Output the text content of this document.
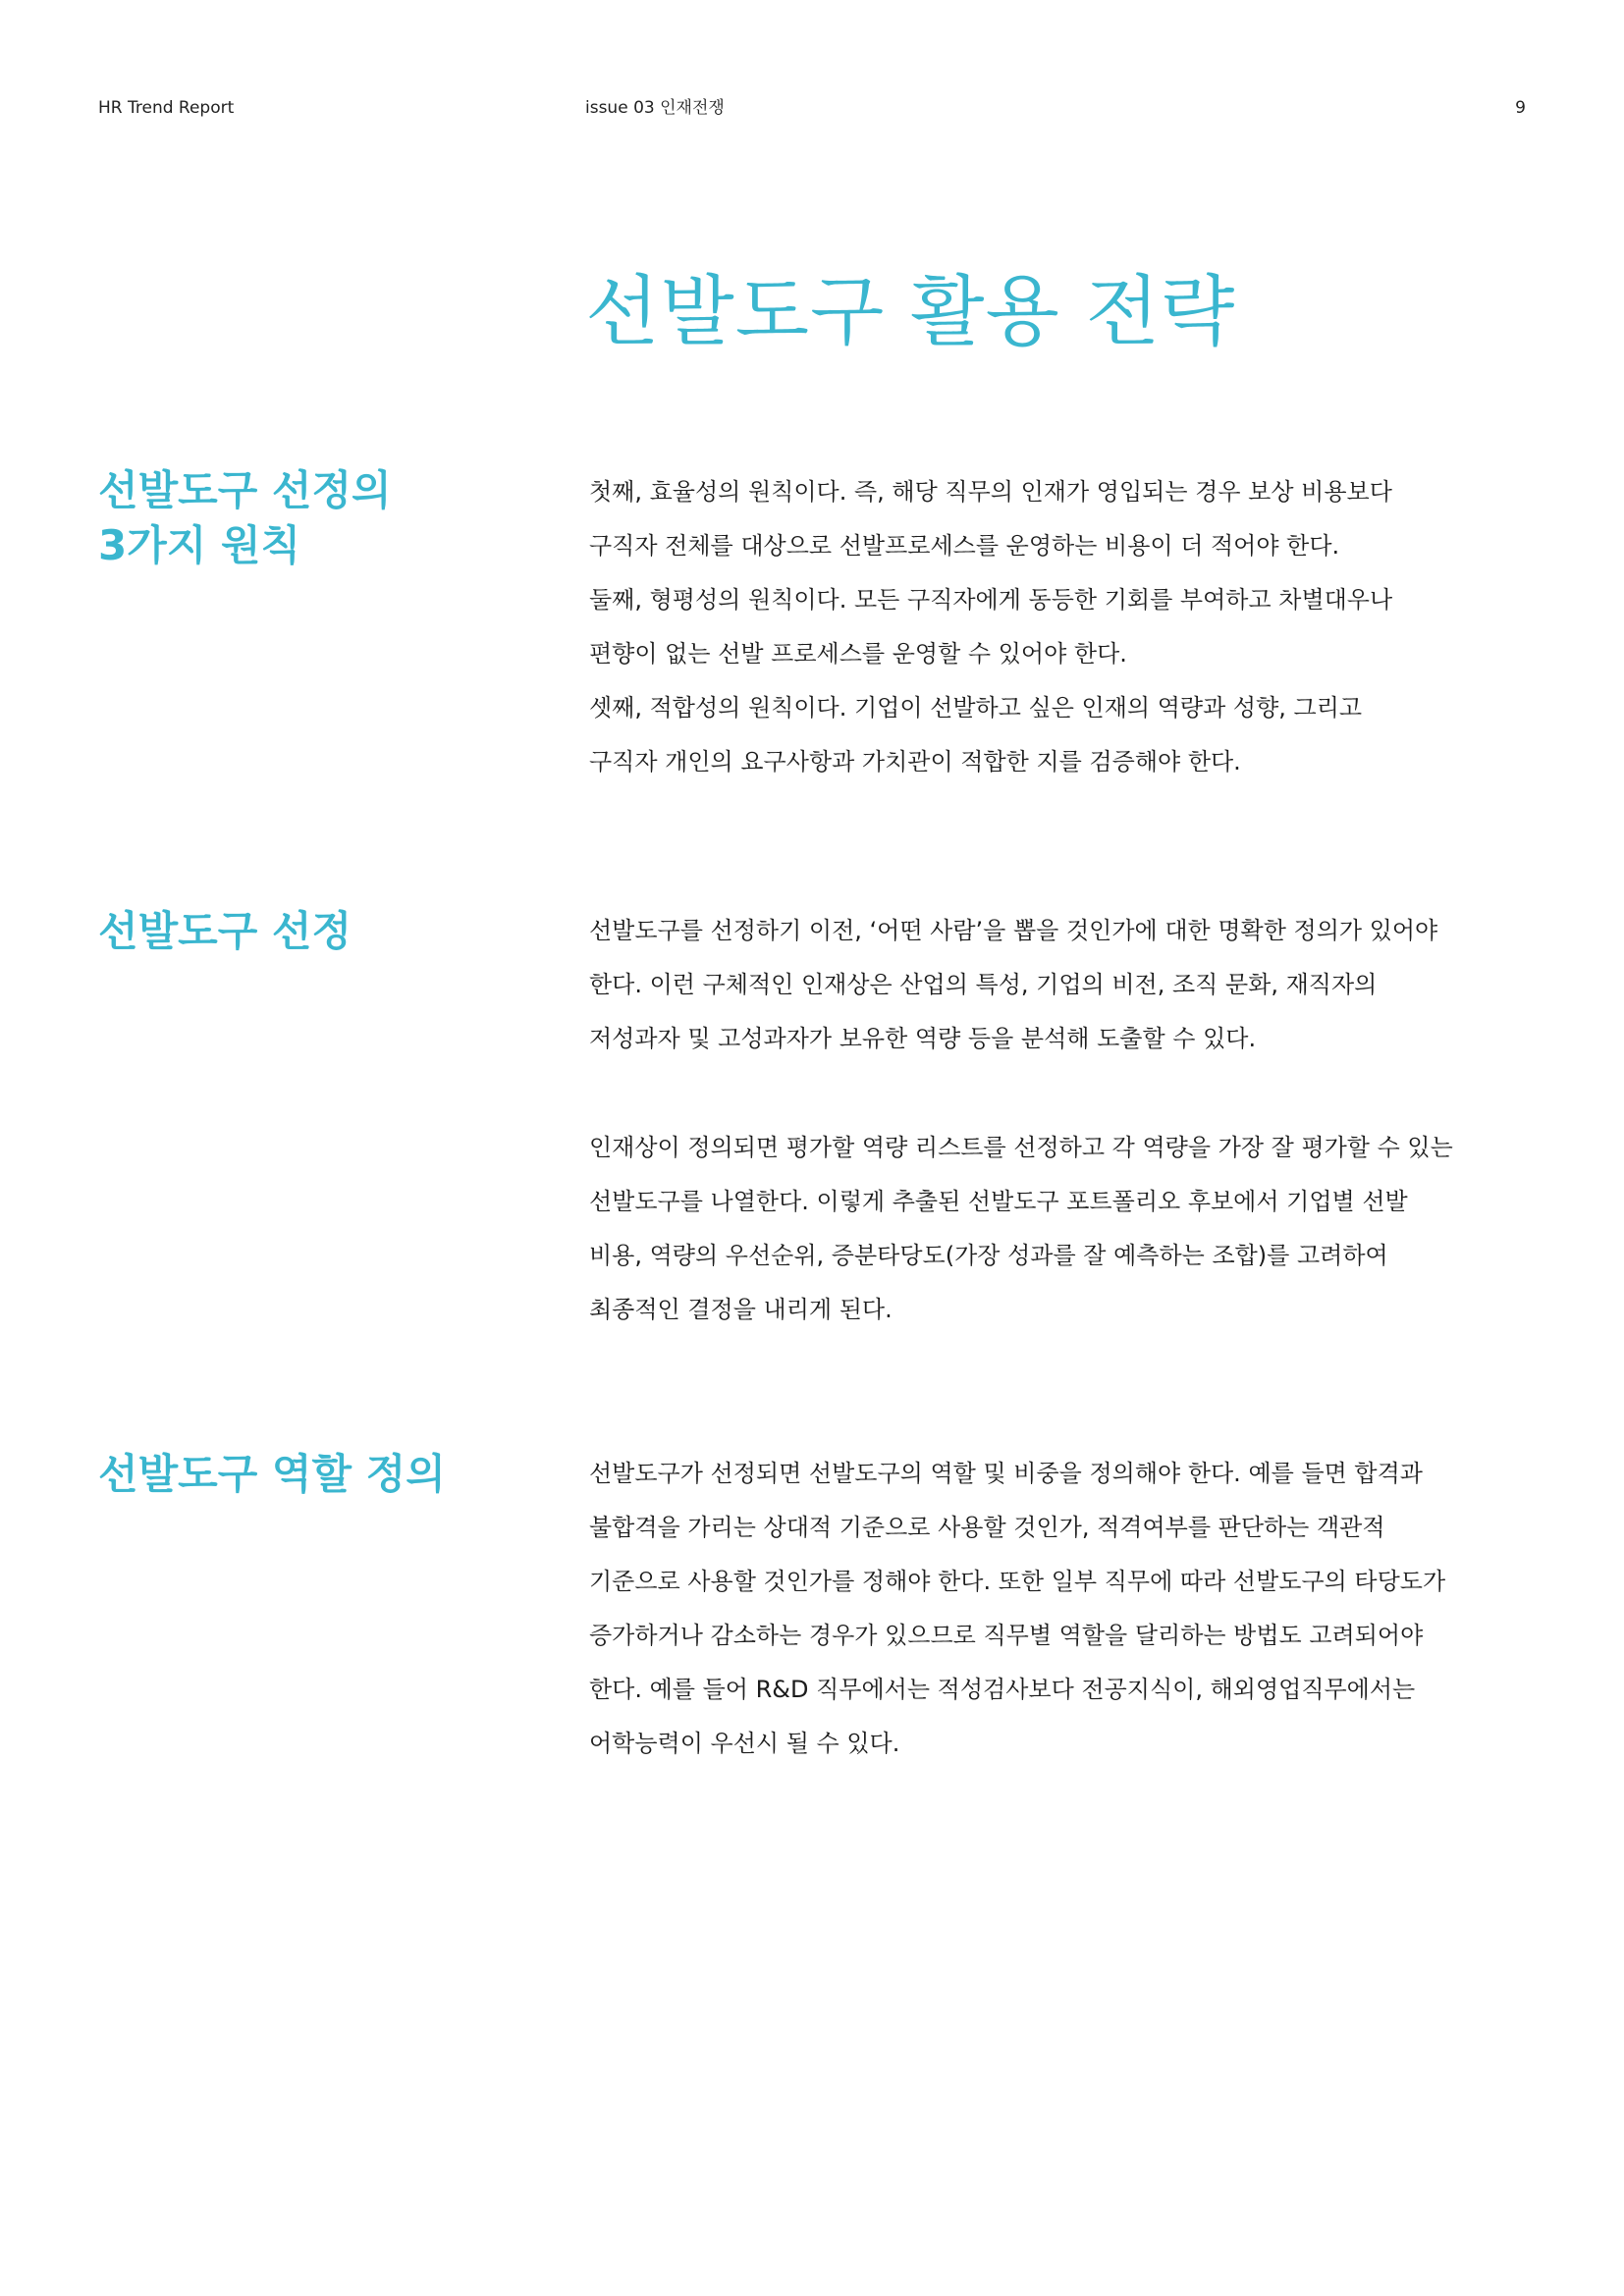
HR Trend Report	issue 03 인재전쟁	9
선발도구 활용 전략
선발도구 선정의
3가지 원칙
첫째, 효율성의 원칙이다. 즉, 해당 직무의 인재가 영입되는 경우 보상 비용보다
구직자 전체를 대상으로 선발프로세스를 운영하는 비용이 더 적어야 한다.
둘째, 형평성의 원칙이다. 모든 구직자에게 동등한 기회를 부여하고 차별대우나
편향이 없는 선발 프로세스를 운영할 수 있어야 한다.
셋째, 적합성의 원칙이다. 기업이 선발하고 싶은 인재의 역량과 성향, 그리고
구직자 개인의 요구사항과 가치관이 적합한 지를 검증해야 한다.
선발도구 선정	선발도구를 선정하기 이전, ‘어떤 사람’을 뽑을 것인가에 대한 명확한 정의가 있어야
한다. 이런 구체적인 인재상은 산업의 특성, 기업의 비전, 조직 문화, 재직자의
저성과자 및 고성과자가 보유한 역량 등을 분석해 도출할 수 있다.
인재상이 정의되면 평가할 역량 리스트를 선정하고 각 역량을 가장 잘 평가할 수 있는
선발도구를 나열한다. 이렇게 추출된 선발도구 포트폴리오 후보에서 기업별 선발
비용, 역량의 우선순위, 증분타당도(가장 성과를 잘 예측하는 조합)를 고려하여
최종적인 결정을 내리게 된다.
선발도구 역할 정의	선발도구가 선정되면 선발도구의 역할 및 비중을 정의해야 한다. 예를 들면 합격과
불합격을 가리는 상대적 기준으로 사용할 것인가, 적격여부를 판단하는 객관적
기준으로 사용할 것인가를 정해야 한다. 또한 일부 직무에 따라 선발도구의 타당도가
증가하거나 감소하는 경우가 있으므로 직무별 역할을 달리하는 방법도 고려되어야
한다. 예를 들어 R&D 직무에서는 적성검사보다 전공지식이, 해외영업직무에서는
어학능력이 우선시 될 수 있다.
